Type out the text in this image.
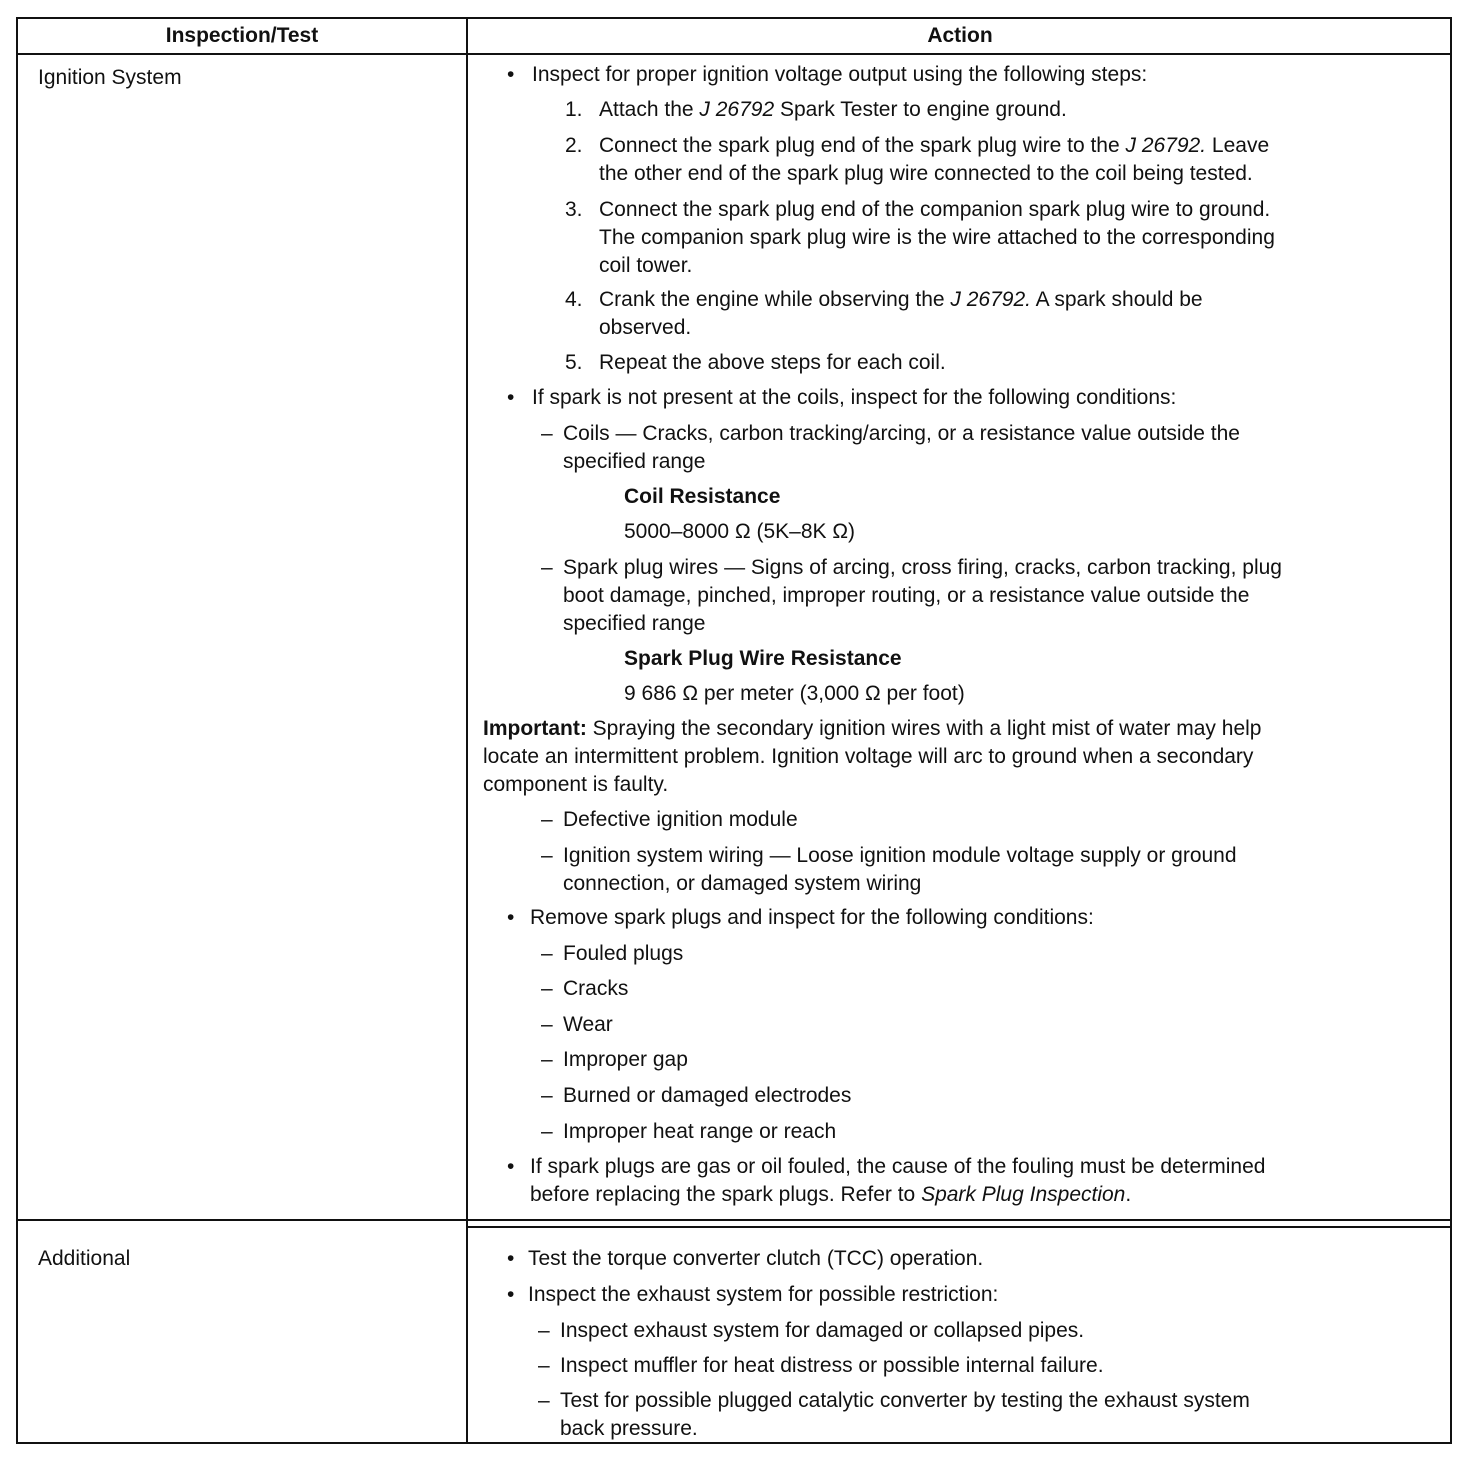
Inspection/Test	Action
Ignition System
Additional
• Inspect for proper ignition voltage output using the following steps:
1. Attach the J 26792 Spark Tester to engine ground.
2. Connect the spark plug end of the spark plug wire to the J 26792. Leave
the other end of the spark plug wire connected to the coil being tested.
3. Connect the spark plug end of the companion spark plug wire to ground.
The companion spark plug wire is the wire attached to the corresponding
coil tower.
4. Crank the engine while observing the J 26792. A spark should be
observed.
5. Repeat the above steps for each coil.
• If spark is not present at the coils, inspect for the following conditions:
– Coils — Cracks, carbon tracking/arcing, or a resistance value outside the
specified range
Coil Resistance
5000–8000 Ω (5K–8K Ω)
– Spark plug wires — Signs of arcing, cross firing, cracks, carbon tracking, plug
boot damage, pinched, improper routing, or a resistance value outside the
specified range
Spark Plug Wire Resistance
9 686 Ω per meter (3,000 Ω per foot)
Important: Spraying the secondary ignition wires with a light mist of water may help
locate an intermittent problem. Ignition voltage will arc to ground when a secondary
component is faulty.
– Defective ignition module
– Ignition system wiring — Loose ignition module voltage supply or ground
connection, or damaged system wiring
• Remove spark plugs and inspect for the following conditions:
– Fouled plugs
– Cracks
– Wear
– Improper gap
– Burned or damaged electrodes
– Improper heat range or reach
• If spark plugs are gas or oil fouled, the cause of the fouling must be determined
before replacing the spark plugs. Refer to Spark Plug Inspection.
• Test the torque converter clutch (TCC) operation.
• Inspect the exhaust system for possible restriction:
– Inspect exhaust system for damaged or collapsed pipes.
– Inspect muffler for heat distress or possible internal failure.
– Test for possible plugged catalytic converter by testing the exhaust system
back pressure.
